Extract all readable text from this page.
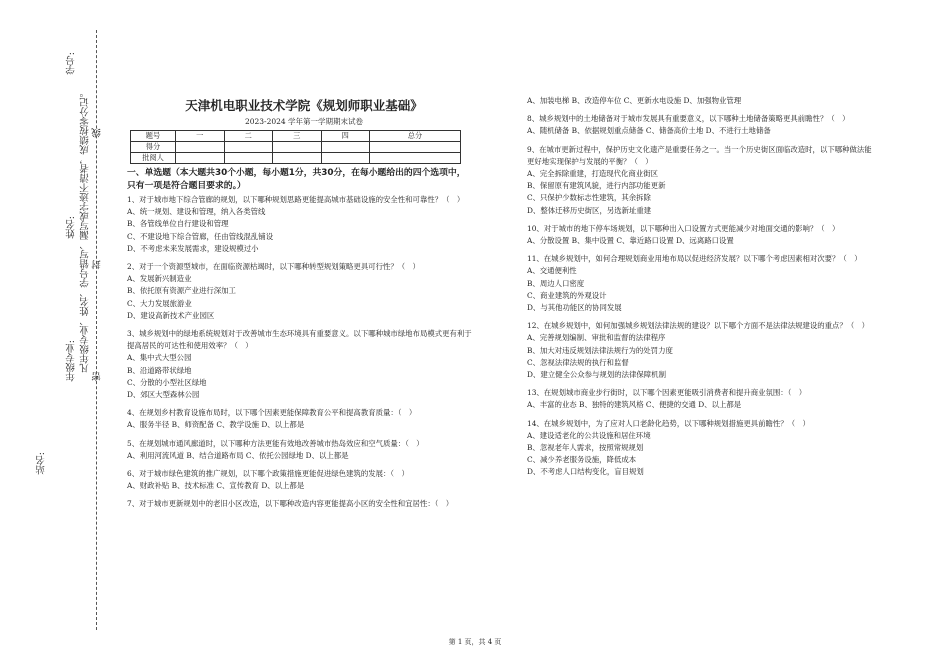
学号:
姓名:
年级专业:
站名:
凡年级专业、姓名、学号错写、漏写或字迹不清者，成绩按零分记。 线
封
密
天津机电职业技术学院《规划师职业基础》
2023-2024 学年第一学期期末试卷
题号	一	二	三	四	总分
得分					
批阅人					
一、单选题（本大题共30个小题，每小题1分，共30分，在每小题给出的四个选项中，只有一项是符合题目要求的。）

1、对于城市地下综合管廊的规划，以下哪种规划思路更能提高城市基础设施的安全性和可靠性？（　）

A、统一规划、建设和管理，纳入各类管线

B、各管线单位自行建设和管理

C、不建设地下综合管廊，任由管线混乱铺设

D、不考虑未来发展需求，建设规模过小

2、对于一个资源型城市，在面临资源枯竭时，以下哪种转型规划策略更具可行性？（　）

A、发展新兴制造业

B、依托原有资源产业进行深加工

C、大力发展旅游业

D、建设高新技术产业园区

3、城乡规划中的绿地系统规划对于改善城市生态环境具有重要意义。以下哪种城市绿地布局模式更有利于提高居民的可达性和使用效率？（　）

A、集中式大型公园

B、沿道路带状绿地

C、分散的小型社区绿地

D、郊区大型森林公园

4、在规划乡村教育设施布局时，以下哪个因素更能保障教育公平和提高教育质量：（　）

A、服务半径 B、师资配备 C、教学设施 D、以上都是

5、在规划城市通风廊道时，以下哪种方法更能有效地改善城市热岛效应和空气质量：（　）

A、利用河流风道 B、结合道路布局 C、依托公园绿地 D、以上都是

6、对于城市绿色建筑的推广规划，以下哪个政策措施更能促进绿色建筑的发展：（　）

A、财政补贴 B、技术标准 C、宣传教育 D、以上都是

7、对于城市更新规划中的老旧小区改造，以下哪种改造内容更能提高小区的安全性和宜居性：（　）

A、加装电梯 B、改造停车位 C、更新水电设施 D、加强物业管理

8、城乡规划中的土地储备对于城市发展具有重要意义，以下哪种土地储备策略更具前瞻性？（　）

A、随机储备 B、依据规划重点储备 C、储备高价土地 D、不进行土地储备

9、在城市更新过程中，保护历史文化遗产是重要任务之一。当一个历史街区面临改造时，以下哪种做法能更好地实现保护与发展的平衡？（　）

A、完全拆除重建，打造现代化商业街区

B、保留原有建筑风貌，进行内部功能更新

C、只保护少数标志性建筑，其余拆除

D、整体迁移历史街区，另选新址重建

10、对于城市的地下停车场规划，以下哪种出入口设置方式更能减少对地面交通的影响？（　）

A、分散设置 B、集中设置 C、靠近路口设置 D、远离路口设置

11、在城乡规划中，如何合理规划商业用地布局以促进经济发展？以下哪个考虑因素相对次要？（　）

A、交通便利性

B、周边人口密度

C、商业建筑的外观设计

D、与其他功能区的协同发展

12、在城乡规划中，如何加强城乡规划法律法规的建设？以下哪个方面不是法律法规建设的重点？（　）

A、完善规划编制、审批和监督的法律程序

B、加大对违反规划法律法规行为的处罚力度

C、忽视法律法规的执行和监督

D、建立健全公众参与规划的法律保障机制

13、在规划城市商业步行街时，以下哪个因素更能吸引消费者和提升商业氛围：（　）

A、丰富的业态 B、独特的建筑风格 C、便捷的交通 D、以上都是

14、在城乡规划中，为了应对人口老龄化趋势，以下哪种规划措施更具前瞻性？（　）

A、建设适老化的公共设施和居住环境

B、忽视老年人需求，按照常规规划

C、减少养老服务设施，降低成本

D、不考虑人口结构变化，盲目规划

第 1 页，共 4 页
